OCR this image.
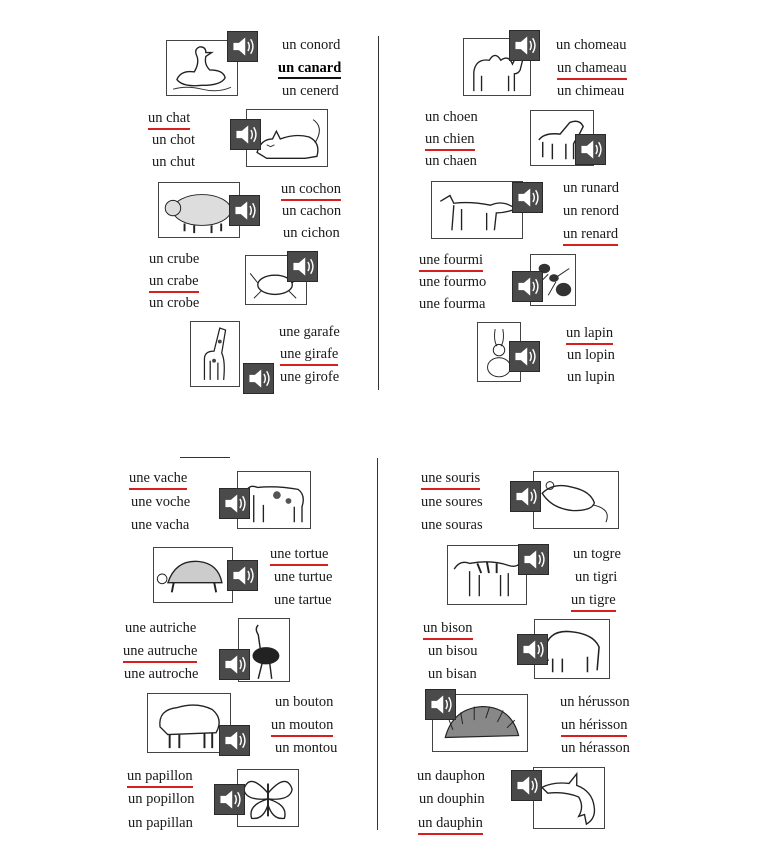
un conord
un canard
un cenerd
un chat
un chot
un chut
un cochon
un cachon
un cichon
un crube
un crabe
un crobe
une garafe
une girafe
une girofe
un chomeau
un chameau
un chimeau
un choen
un chien
un chaen
un runard
un renord
un renard
une fourmi
une fourmo
une fourma
un lapin
un lopin
un lupin
une vache
une voche
une vacha
une tortue
une turtue
une tartue
une autriche
une autruche
une autroche
un bouton
un mouton
un montou
un papillon
un popillon
un papillan
une souris
une soures
une souras
un togre
un tigri
un tigre
un bison
un bisou
un bisan
un hérusson
un hérisson
un hérasson
un dauphon
un douphin
un dauphin
